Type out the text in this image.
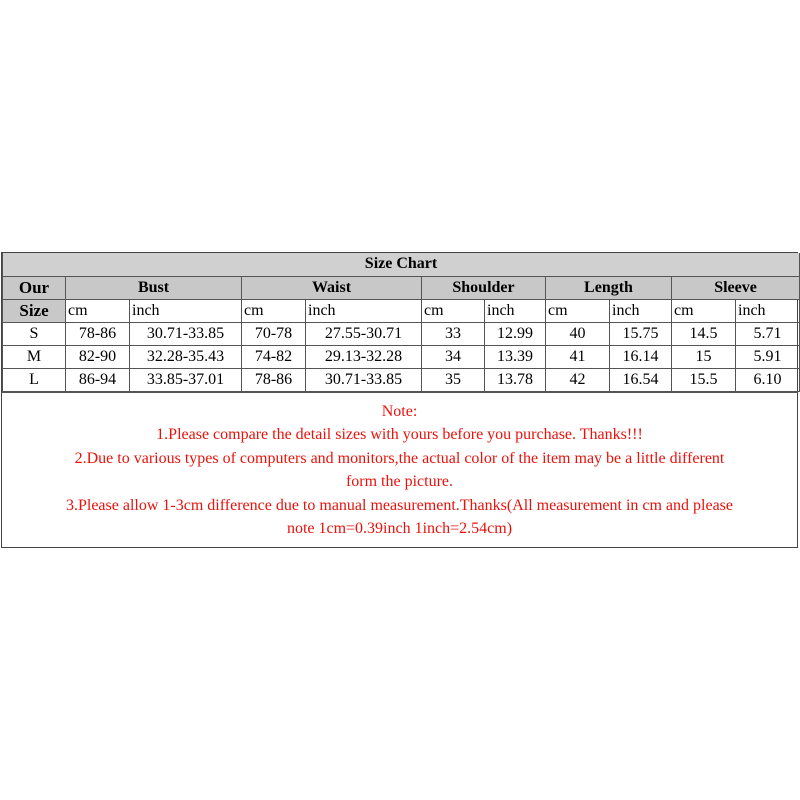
Size Chart										
Our	Bust		Waist		Shoulder		Length		Sleeve	
Size	cm	inch	cm	inch	cm	inch	cm	inch	cm	inch
S	78-86	30.71-33.85	70-78	27.55-30.71	33	12.99	40	15.75	14.5	5.71
M	82-90	32.28-35.43	74-82	29.13-32.28	34	13.39	41	16.14	15	5.91
L	86-94	33.85-37.01	78-86	30.71-33.85	35	13.78	42	16.54	15.5	6.10
Note:
1.Please compare the detail sizes with yours before you purchase. Thanks!!!
2.Due to various types of computers and monitors,the actual color of the item may be a little different
form the picture.
3.Please allow 1-3cm difference due to manual measurement.Thanks(All measurement in cm and please
note 1cm=0.39inch 1inch=2.54cm)
